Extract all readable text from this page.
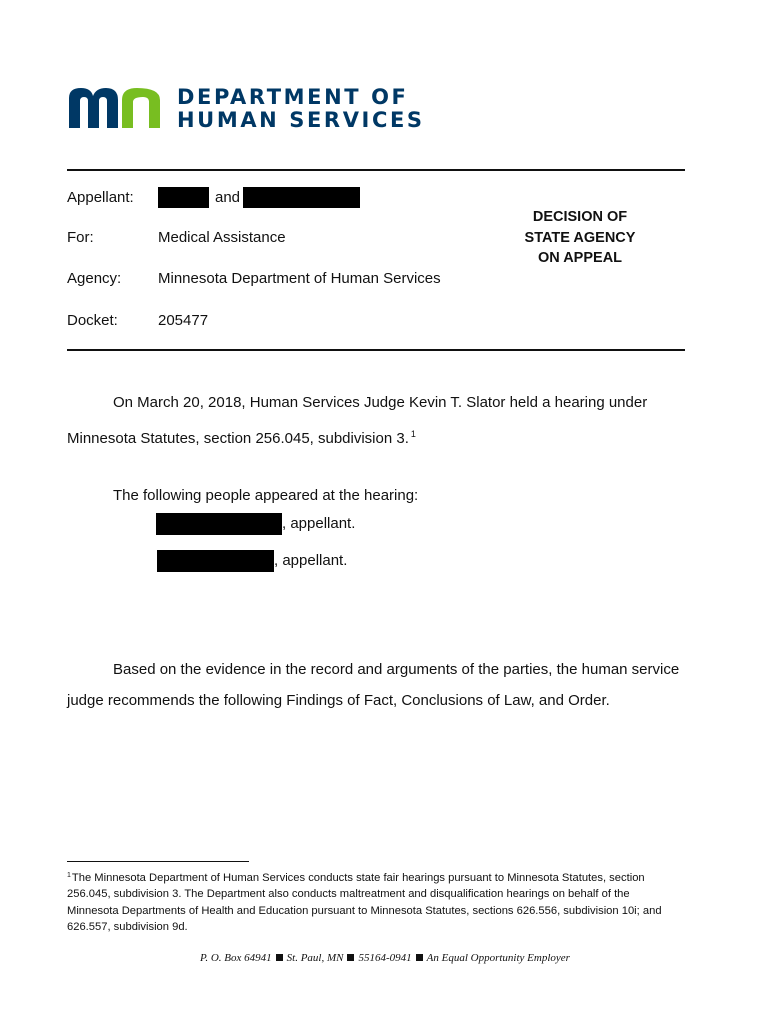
DEPARTMENT OF
HUMAN SERVICES
Appellant:	and
For:	Medical Assistance
Agency: Minnesota Department of Human Services
Docket:	205477
DECISION OF
STATE AGENCY
ON APPEAL
On March 20, 2018, Human Services Judge Kevin T. Slator held a hearing under
Minnesota Statutes, section 256.045, subdivision 3. $^1$
The following people appeared at the hearing:
, appellant.
, appellant.
Based on the evidence in the record and arguments of the parties, the human service
judge recommends the following Findings of Fact, Conclusions of Law, and Order.
$^1$The Minnesota Department of Human Services conducts state fair hearings pursuant to Minnesota Statutes, section
256.045, subdivision 3. The Department also conducts maltreatment and disqualification hearings on behalf of the
Minnesota Departments of Health and Education pursuant to Minnesota Statutes, sections 626.556, subdivision 10i; and
626.557, subdivision 9d.
P. O. Box 64941 St. Paul, MN 55164-0941 An Equal Opportunity Employer
